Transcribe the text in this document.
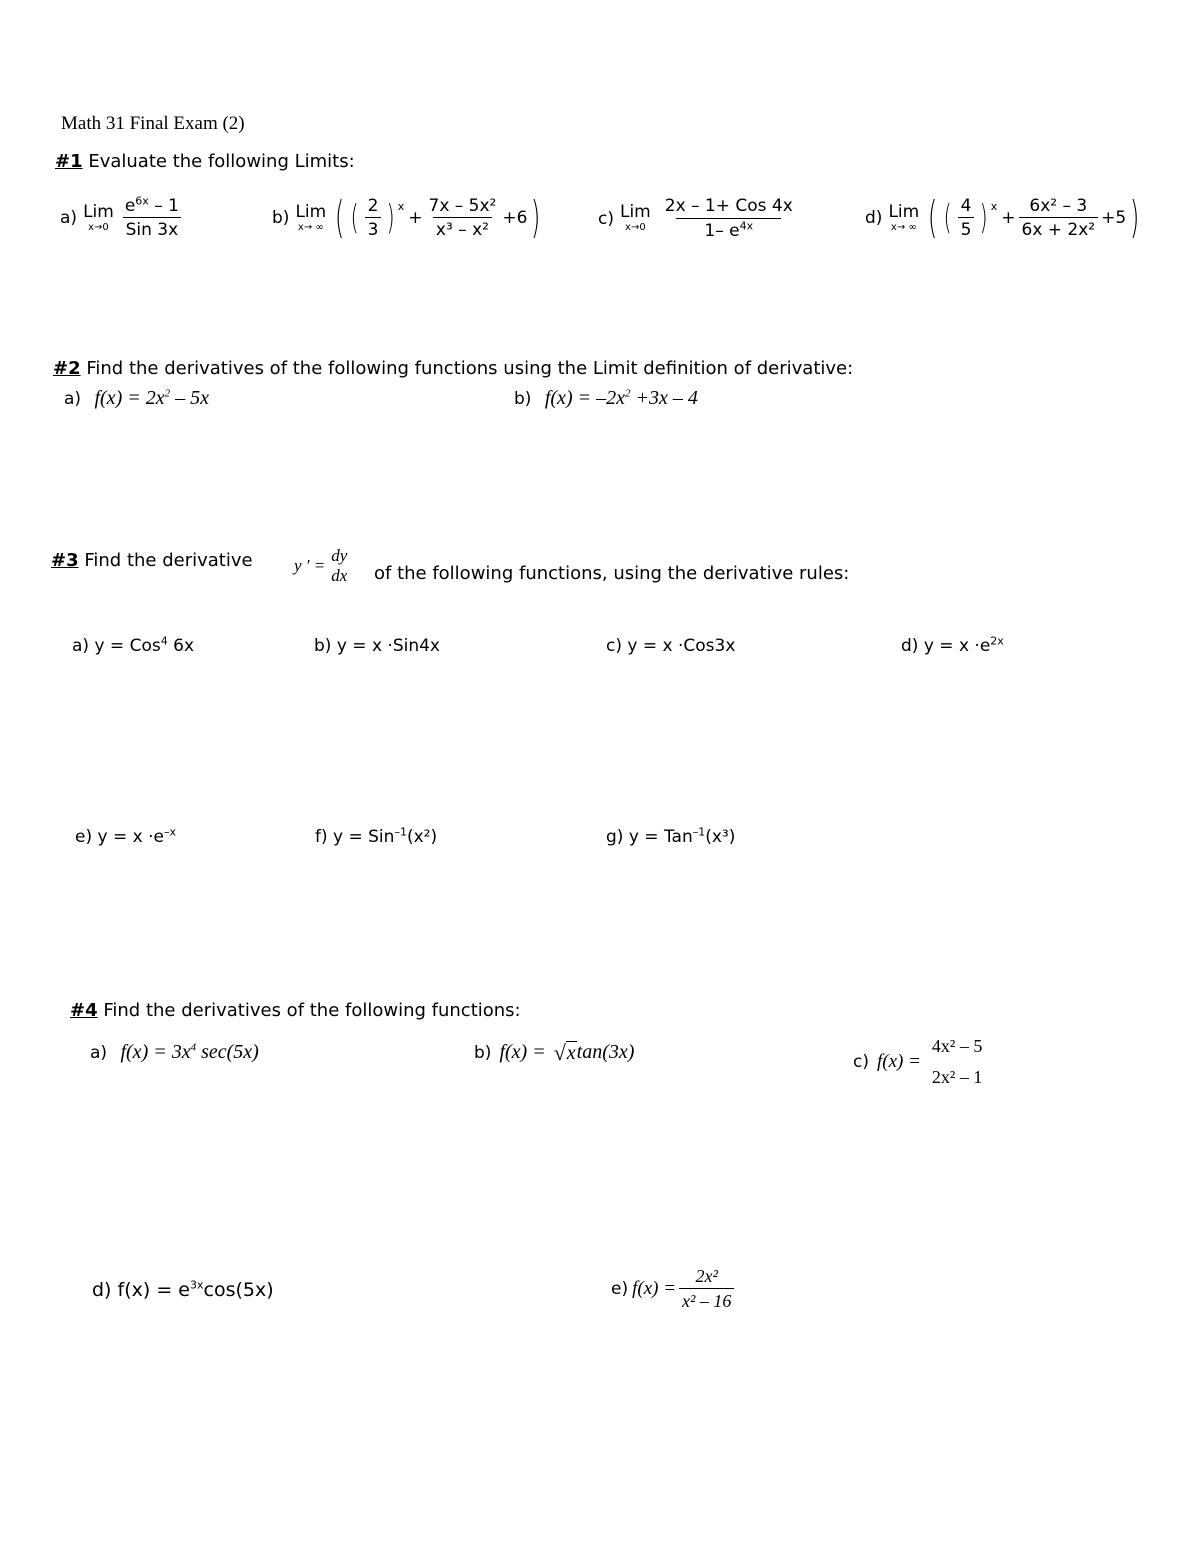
Math 31 Final Exam (2)
#1 Evaluate the following Limits:
a) Lim
$x\to 0 \frac{e^{6x} - 1}{\text{Sin 3x}}$	b) Lim
x→ ∞ ( ( $\frac{2}{3}$ ) x
+ $\frac{\text{7x – 5x²}}{\text{x³ – x²}} +6$ )	c) Lim
$x\to 0 \frac{\text{2x – 1+ Cos 4x}}{1- e^{4x}}$	d) Lim
x→ ∞ ( ( $\frac{4}{5}$ ) x
+ $\frac{\text{6x² – 3}}{\text{6x + 2x²}} +5$ )
#2 Find the derivatives of the following functions using the Limit definition of derivative:
a) $f(x) = 2x^2 - 5x$	b) $f(x) = -2x^2 +3x - 4$
#3 Find the derivative y ′ =
dy
dx of the following functions, using the derivative rules:
a) y = Cos$^4$ 6x	b) y = x ·Sin4x	c) y = x ·Cos3x	d) $y = x \cdot e^{2x}$
e) $y = x \cdot e^{-x}$	f) y = Sin$^{-1}$(x²)	g) y = Tan$^{-1}$(x³)
#4 Find the derivatives of the following functions:
a) $f(x) = 3x^4$ sec(5x)	b) f(x) = √ x tan(3x)	c) f(x) =
4x² – 5
2x² – 1
d) $f(x) = e^{3x}\cos(5x)$	e) $f(x) = \frac{\text{2x²}}{\text{x² – 16}}$
